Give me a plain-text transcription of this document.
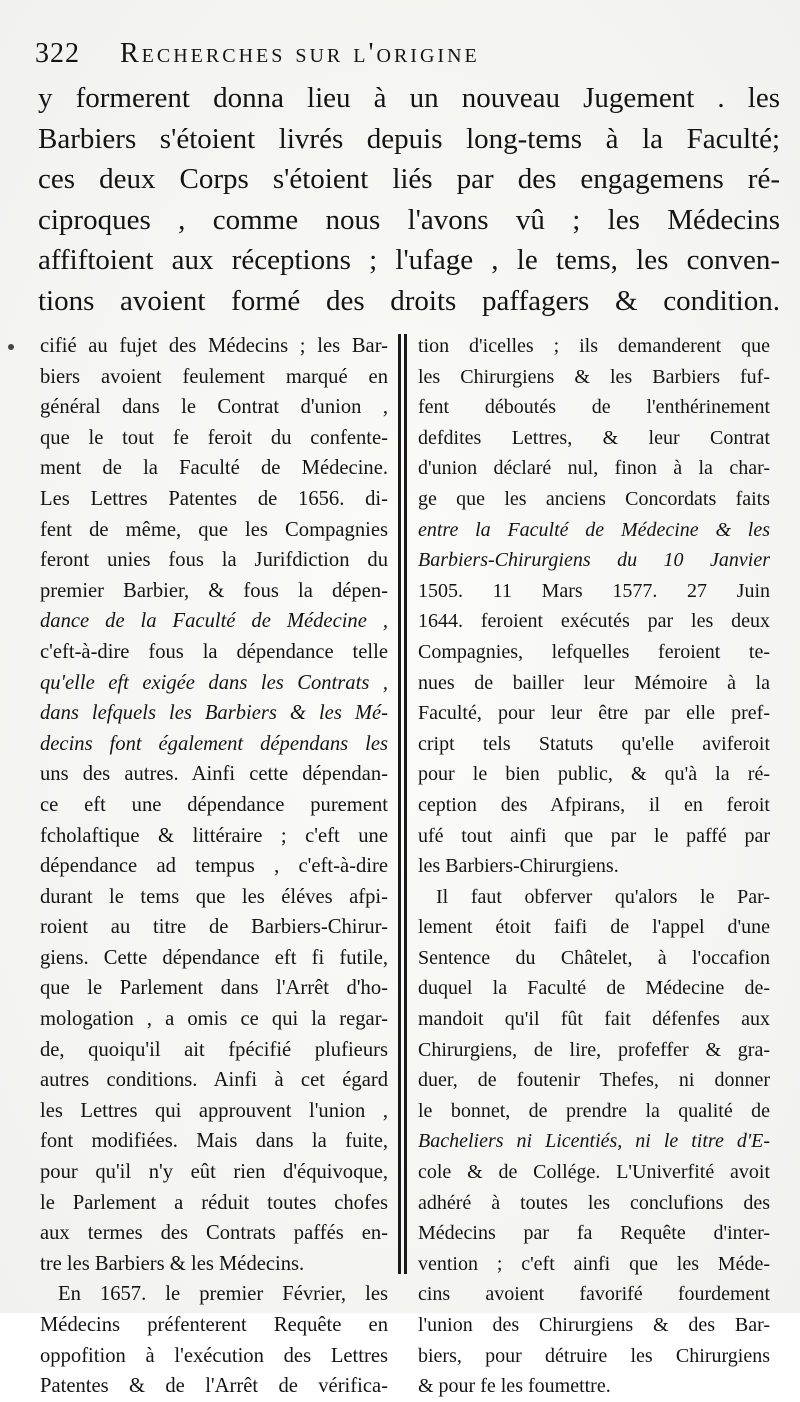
322 Recherches sur l'origine
y formerent donna lieu à un nouveau Jugement . les
Barbiers s'étoient livrés depuis long-tems à la Faculté;
ces deux Corps s'étoient liés par des engagemens ré-
ciproques , comme nous l'avons vû ; les Médecins
affiftoient aux réceptions ; l'ufage , le tems, les conven-
tions avoient formé des droits paffagers & condition.
cifié au fujet des Médecins ; les Bar-
biers avoient feulement marqué en
général dans le Contrat d'union ,
que le tout fe feroit du confente-
ment de la Faculté de Médecine.
Les Lettres Patentes de 1656. di-
fent de même, que les Compagnies
feront unies fous la Jurifdiction du
premier Barbier, & fous la dépen-
dance de la Faculté de Médecine ,
c'eft-à-dire fous la dépendance telle
qu'elle eft exigée dans les Contrats ,
dans lefquels les Barbiers & les Mé-
decins font également dépendans les
uns des autres. Ainfi cette dépendan-
ce eft une dépendance purement
fcholaftique & littéraire ; c'eft une
dépendance ad tempus , c'eft-à-dire
durant le tems que les éléves afpi-
roient au titre de Barbiers-Chirur-
giens. Cette dépendance eft fi futile,
que le Parlement dans l'Arrêt d'ho-
mologation , a omis ce qui la regar-
de, quoiqu'il ait fpécifié plufieurs
autres conditions. Ainfi à cet égard
les Lettres qui approuvent l'union ,
font modifiées. Mais dans la fuite,
pour qu'il n'y eût rien d'équivoque,
le Parlement a réduit toutes chofes
aux termes des Contrats paffés en-
tre les Barbiers & les Médecins.
En 1657. le premier Février, les
Médecins préfenterent Requête en
oppofition à l'exécution des Lettres
Patentes & de l'Arrêt de vérifica-
tion d'icelles ; ils demanderent que
les Chirurgiens & les Barbiers fuf-
fent déboutés de l'enthérinement
defdites Lettres, & leur Contrat
d'union déclaré nul, finon à la char-
ge que les anciens Concordats faits
entre la Faculté de Médecine & les
Barbiers-Chirurgiens du 10 Janvier
1505. 11 Mars 1577. 27 Juin
1644. feroient exécutés par les deux
Compagnies, lefquelles feroient te-
nues de bailler leur Mémoire à la
Faculté, pour leur être par elle pref-
cript tels Statuts qu'elle aviferoit
pour le bien public, & qu'à la ré-
ception des Afpirans, il en feroit
ufé tout ainfi que par le paffé par
les Barbiers-Chirurgiens.
Il faut obferver qu'alors le Par-
lement étoit faifi de l'appel d'une
Sentence du Châtelet, à l'occafion
duquel la Faculté de Médecine de-
mandoit qu'il fût fait défenfes aux
Chirurgiens, de lire, profeffer & gra-
duer, de foutenir Thefes, ni donner
le bonnet, de prendre la qualité de
Bacheliers ni Licentiés, ni le titre d'E-
cole & de Collége. L'Univerfité avoit
adhéré à toutes les conclufions des
Médecins par fa Requête d'inter-
vention ; c'eft ainfi que les Méde-
cins avoient favorifé fourdement
l'union des Chirurgiens & des Bar-
biers, pour détruire les Chirurgiens
& pour fe les foumettre.
